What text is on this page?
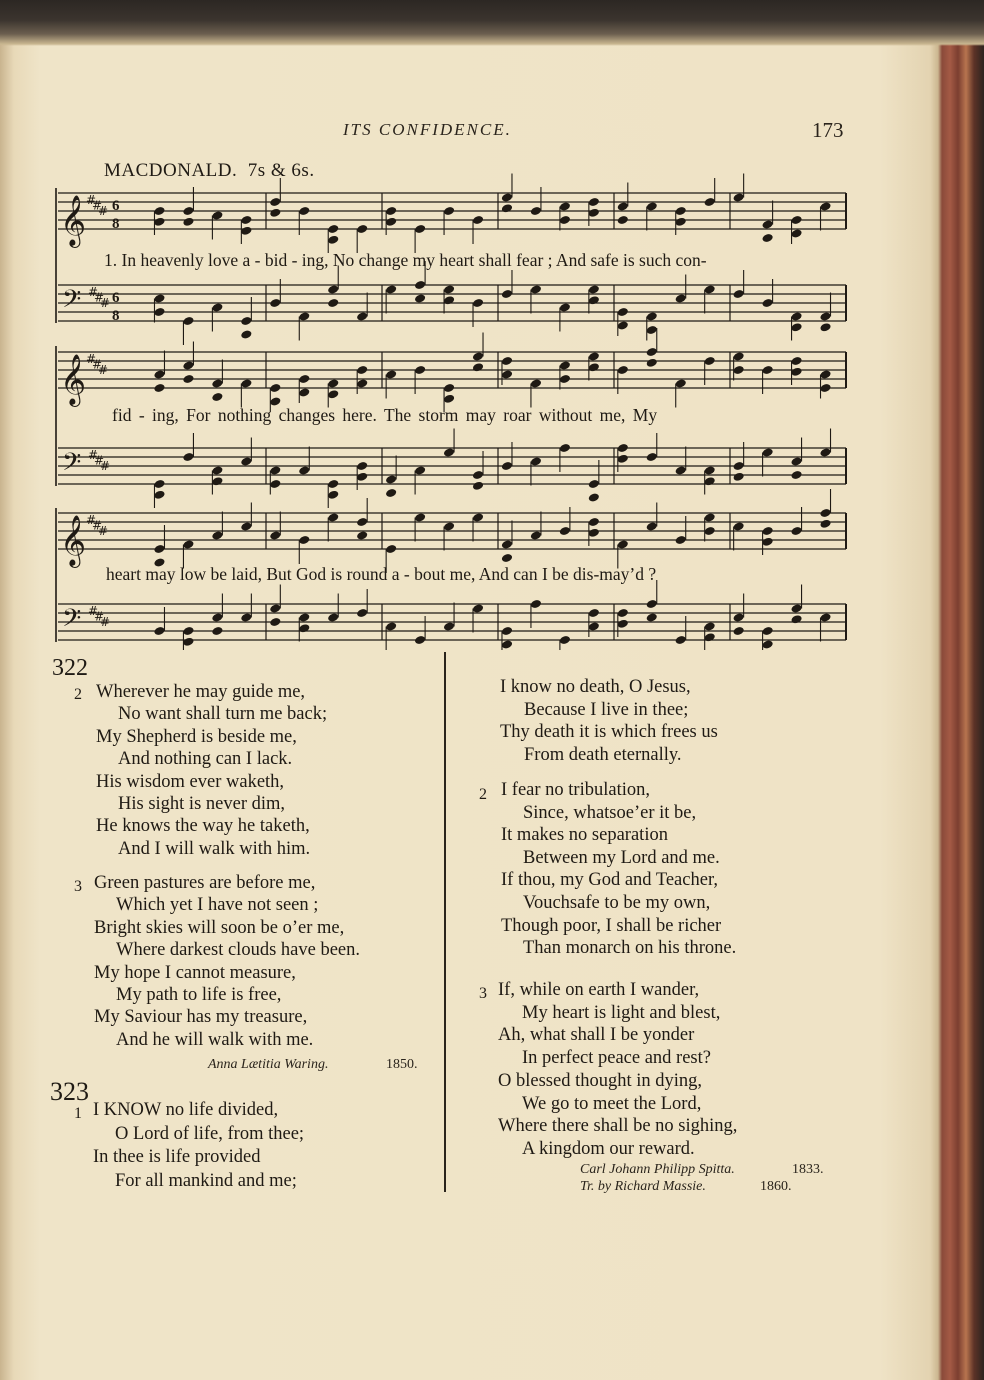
ITS CONFIDENCE.	173
MACDONALD. 7s & 6s.
𝄞 #
#
#
𝄢 #
#
#
6
8
6
8
𝄞 #
#
#
𝄢 #
#
#
𝄞 #
#
#
𝄢 #
#
#
1. In heavenly love a - bid - ing, No change my heart shall fear ; And safe is such con-
fid - ing, For nothing changes here. The storm may roar without me, My
heart may low be laid, But God is round a - bout me, And can I be dis-may’d ?
322
2 Wherever he may guide me,
No want shall turn me back;
My Shepherd is beside me,
And nothing can I lack.
His wisdom ever waketh,
His sight is never dim,
He knows the way he taketh,
And I will walk with him.
3 Green pastures are before me,
Which yet I have not seen ;
Bright skies will soon be o’er me,
Where darkest clouds have been.
My hope I cannot measure,
My path to life is free,
My Saviour has my treasure,
And he will walk with me.
Anna Lætitia Waring.	1850.
323
1 I KNOW no life divided,
O Lord of life, from thee;
In thee is life provided
For all mankind and me;
I know no death, O Jesus,
Because I live in thee;
Thy death it is which frees us
From death eternally.
2 I fear no tribulation,
Since, whatsoe’er it be,
It makes no separation
Between my Lord and me.
If thou, my God and Teacher,
Vouchsafe to be my own,
Though poor, I shall be richer
Than monarch on his throne.
3 If, while on earth I wander,
My heart is light and blest,
Ah, what shall I be yonder
In perfect peace and rest?
O blessed thought in dying,
We go to meet the Lord,
Where there shall be no sighing,
A kingdom our reward.
Carl Johann Philipp Spitta.	1833.
Tr. by Richard Massie.	1860.
